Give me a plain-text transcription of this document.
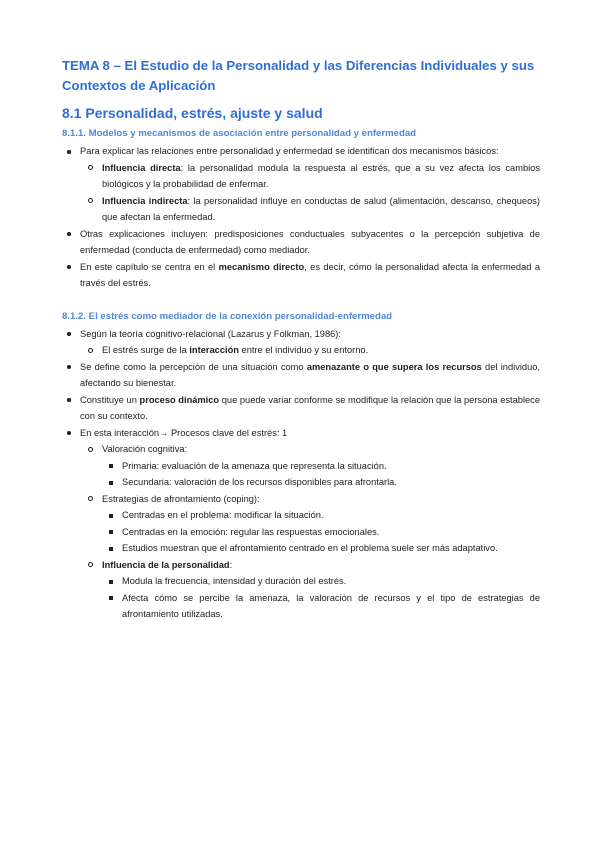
TEMA 8 – El Estudio de la Personalidad y las Diferencias Individuales y sus Contextos de Aplicación
8.1 Personalidad, estrés, ajuste y salud
8.1.1. Modelos y mecanismos de asociación entre personalidad y enfermedad
Para explicar las relaciones entre personalidad y enfermedad se identifican dos mecanismos básicos:
Influencia directa: la personalidad modula la respuesta al estrés, que a su vez afecta los cambios biológicos y la probabilidad de enfermar.
Influencia indirecta: la personalidad influye en conductas de salud (alimentación, descanso, chequeos) que afectan la enfermedad.
Otras explicaciones incluyen: predisposiciones conductuales subyacentes o la percepción subjetiva de enfermedad (conducta de enfermedad) como mediador.
En este capítulo se centra en el mecanismo directo, es decir, cómo la personalidad afecta la enfermedad a través del estrés.
8.1.2. El estrés como mediador de la conexión personalidad-enfermedad
Según la teoría cognitivo-relacional (Lazarus y Folkman, 1986):
El estrés surge de la interacción entre el individuo y su entorno.
Se define como la percepción de una situación como amenazante o que supera los recursos del individuo, afectando su bienestar.
Constituye un proceso dinámico que puede variar conforme se modifique la relación que la persona establece con su contexto.
En esta interacción→ Procesos clave del estrés: 1
Valoración cognitiva:
Primaria: evaluación de la amenaza que representa la situación.
Secundaria: valoración de los recursos disponibles para afrontarla.
Estrategias de afrontamiento (coping):
Centradas en el problema: modificar la situación.
Centradas en la emoción: regular las respuestas emocionales.
Estudios muestran que el afrontamiento centrado en el problema suele ser más adaptativo.
Influencia de la personalidad:
Modula la frecuencia, intensidad y duración del estrés.
Afecta cómo se percibe la amenaza, la valoración de recursos y el tipo de estrategias de afrontamiento utilizadas.
